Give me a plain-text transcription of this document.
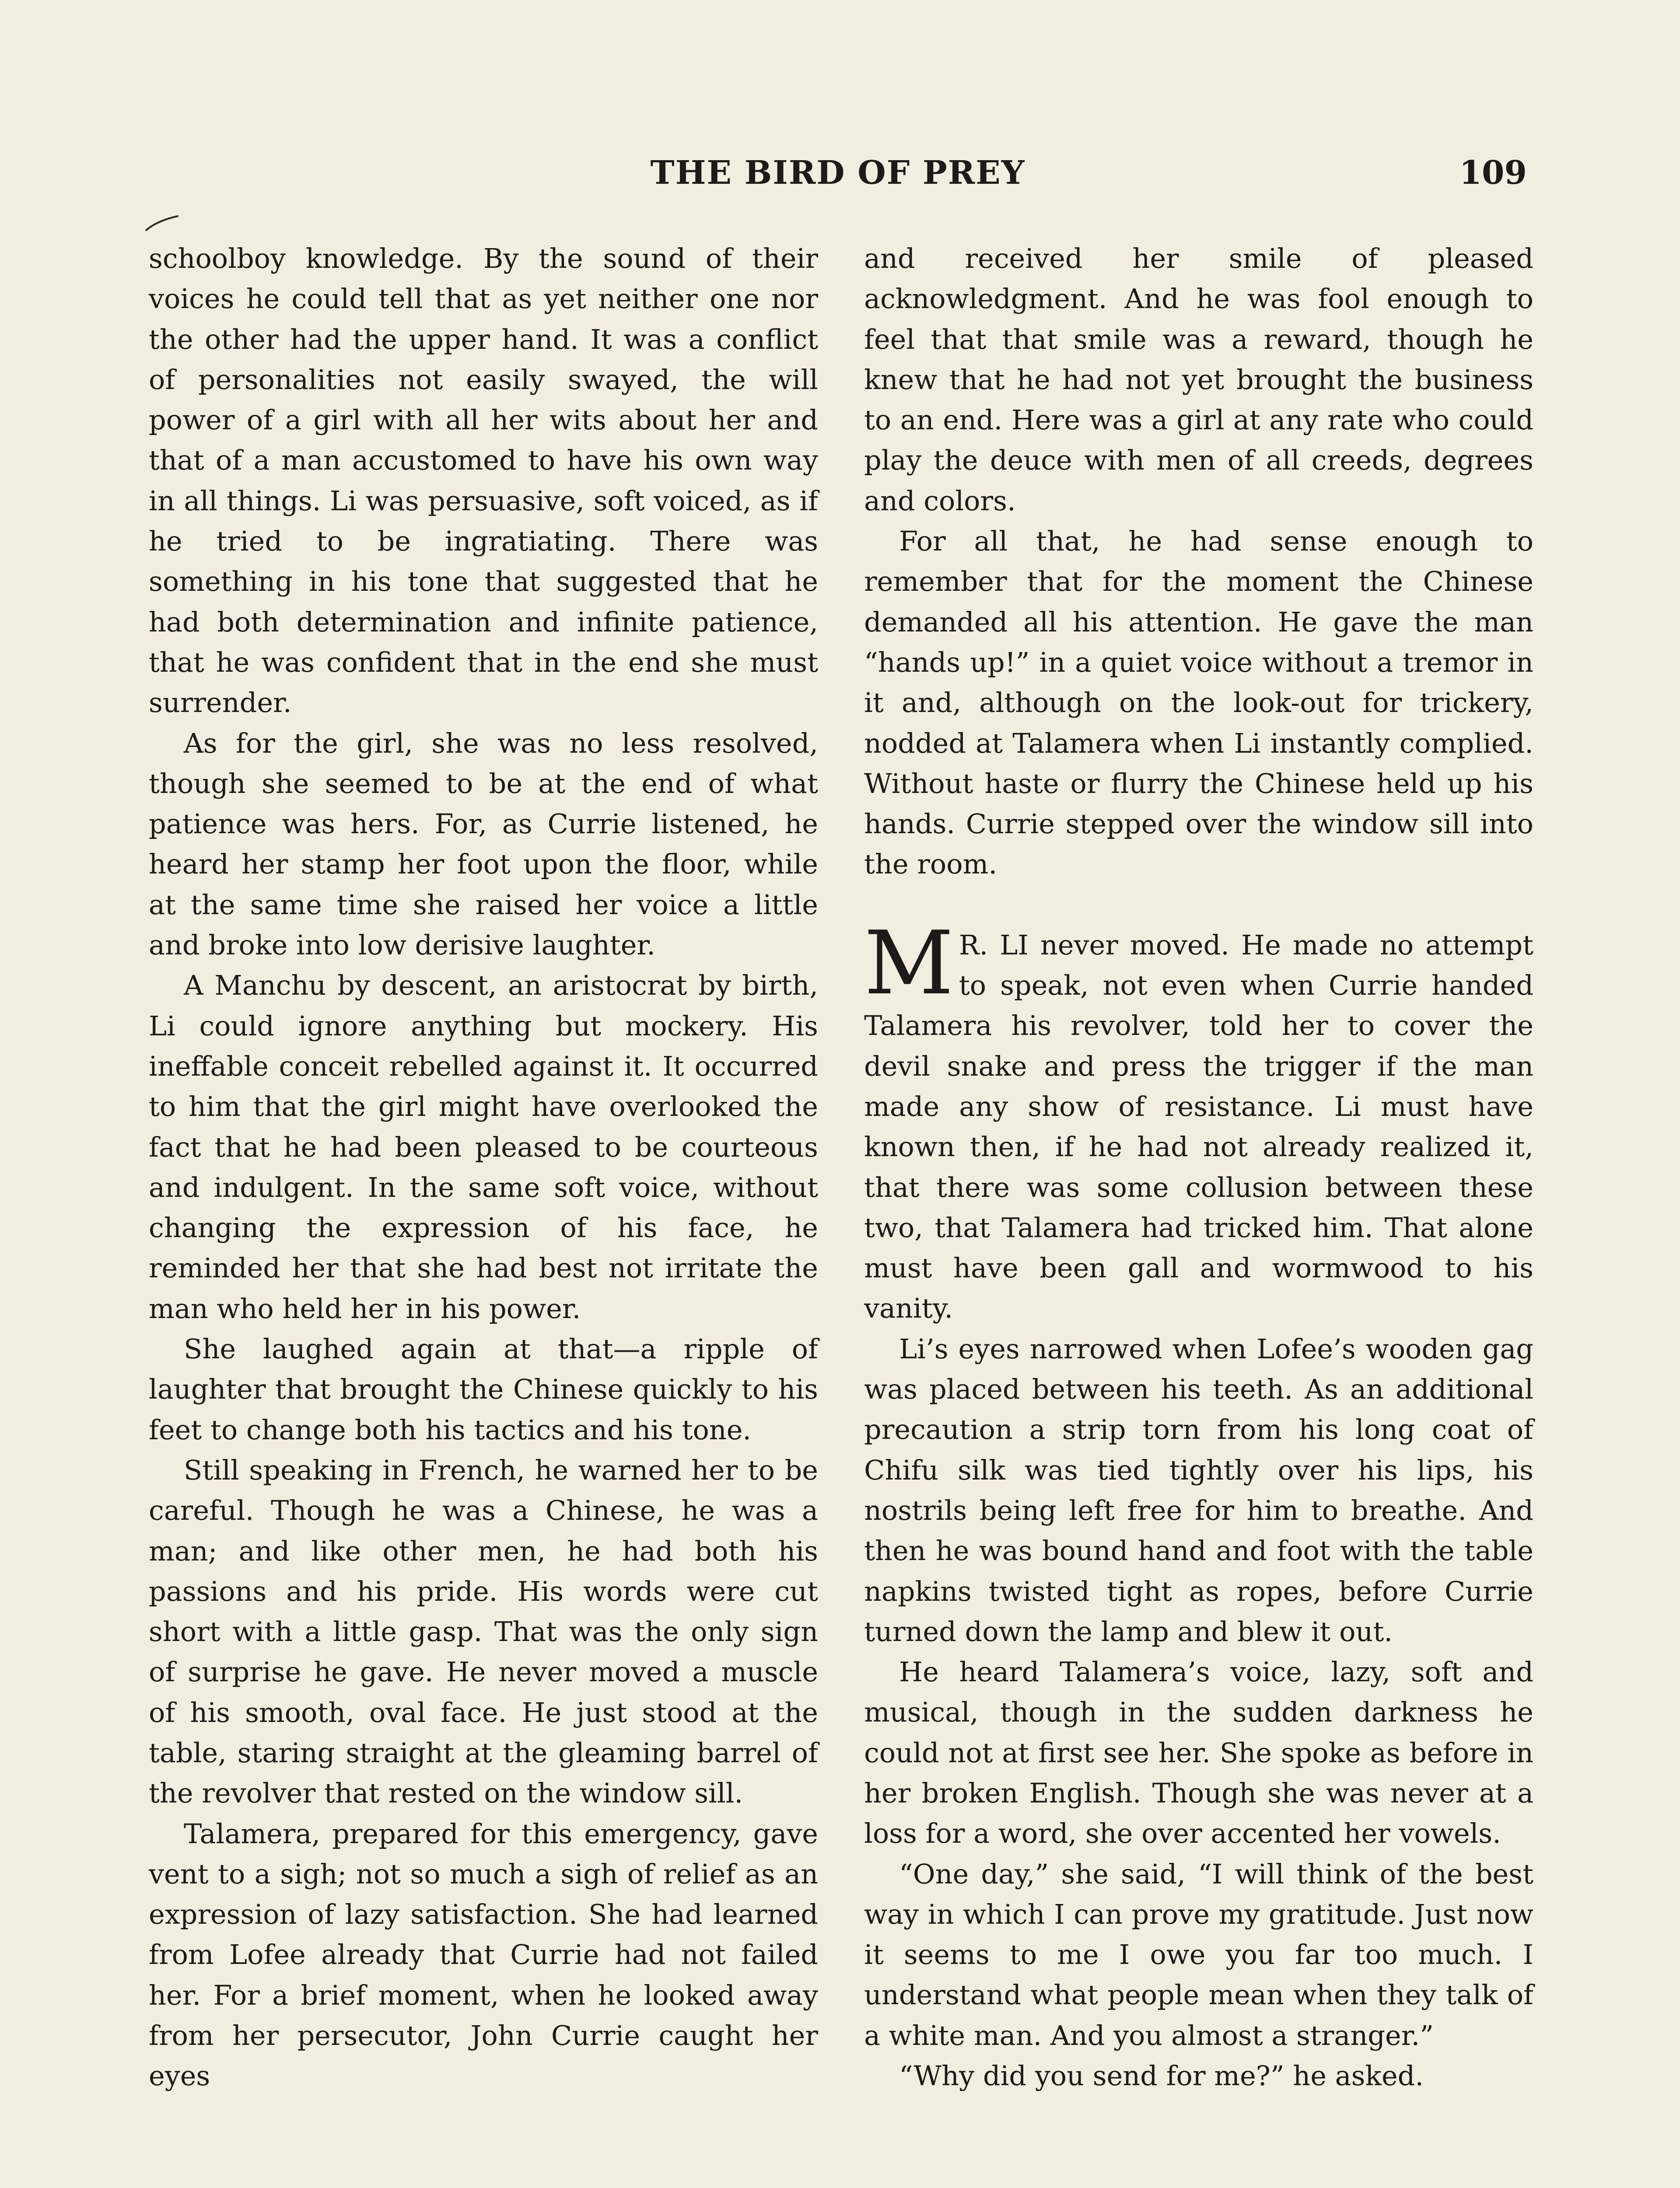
THE BIRD OF PREY	109

schoolboy knowledge. By the sound of their voices he could tell that as yet neither one nor the other had the upper hand. It was a conflict of personalities not easily swayed, the will power of a girl with all her wits about her and that of a man accustomed to have his own way in all things. Li was persuasive, soft voiced, as if he tried to be ingratiating. There was something in his tone that suggested that he had both determination and infinite patience, that he was confident that in the end she must surrender.

As for the girl, she was no less resolved, though she seemed to be at the end of what patience was hers. For, as Currie listened, he heard her stamp her foot upon the floor, while at the same time she raised her voice a little and broke into low derisive laughter.

A Manchu by descent, an aristocrat by birth, Li could ignore anything but mockery. His ineffable conceit rebelled against it. It occurred to him that the girl might have overlooked the fact that he had been pleased to be courteous and indulgent. In the same soft voice, without changing the expression of his face, he reminded her that she had best not irritate the man who held her in his power.

She laughed again at that—a ripple of laughter that brought the Chinese quickly to his feet to change both his tactics and his tone.

Still speaking in French, he warned her to be careful. Though he was a Chinese, he was a man; and like other men, he had both his passions and his pride. His words were cut short with a little gasp. That was the only sign of surprise he gave. He never moved a muscle of his smooth, oval face. He just stood at the table, staring straight at the gleaming barrel of the revolver that rested on the window sill.

Talamera, prepared for this emergency, gave vent to a sigh; not so much a sigh of relief as an expression of lazy satisfaction. She had learned from Lofee already that Currie had not failed her. For a brief moment, when he looked away from her persecutor, John Currie caught her eyes

and received her smile of pleased acknowledgment. And he was fool enough to feel that that smile was a reward, though he knew that he had not yet brought the business to an end. Here was a girl at any rate who could play the deuce with men of all creeds, degrees and colors.

For all that, he had sense enough to remember that for the moment the Chinese demanded all his attention. He gave the man “hands up!” in a quiet voice without a tremor in it and, although on the look-out for trickery, nodded at Talamera when Li instantly complied. Without haste or flurry the Chinese held up his hands. Currie stepped over the window sill into the room.

M R. LI never moved. He made no attempt to speak, not even when Currie handed Talamera his revolver, told her to cover the devil snake and press the trigger if the man made any show of resistance. Li must have known then, if he had not already realized it, that there was some collusion between these two, that Talamera had tricked him. That alone must have been gall and wormwood to his vanity.

Li’s eyes narrowed when Lofee’s wooden gag was placed between his teeth. As an additional precaution a strip torn from his long coat of Chifu silk was tied tightly over his lips, his nostrils being left free for him to breathe. And then he was bound hand and foot with the table napkins twisted tight as ropes, before Currie turned down the lamp and blew it out.

He heard Talamera’s voice, lazy, soft and musical, though in the sudden darkness he could not at first see her. She spoke as before in her broken English. Though she was never at a loss for a word, she over accented her vowels.

“One day,” she said, “I will think of the best way in which I can prove my gratitude. Just now it seems to me I owe you far too much. I understand what people mean when they talk of a white man. And you almost a stranger.”

“Why did you send for me?” he asked.
